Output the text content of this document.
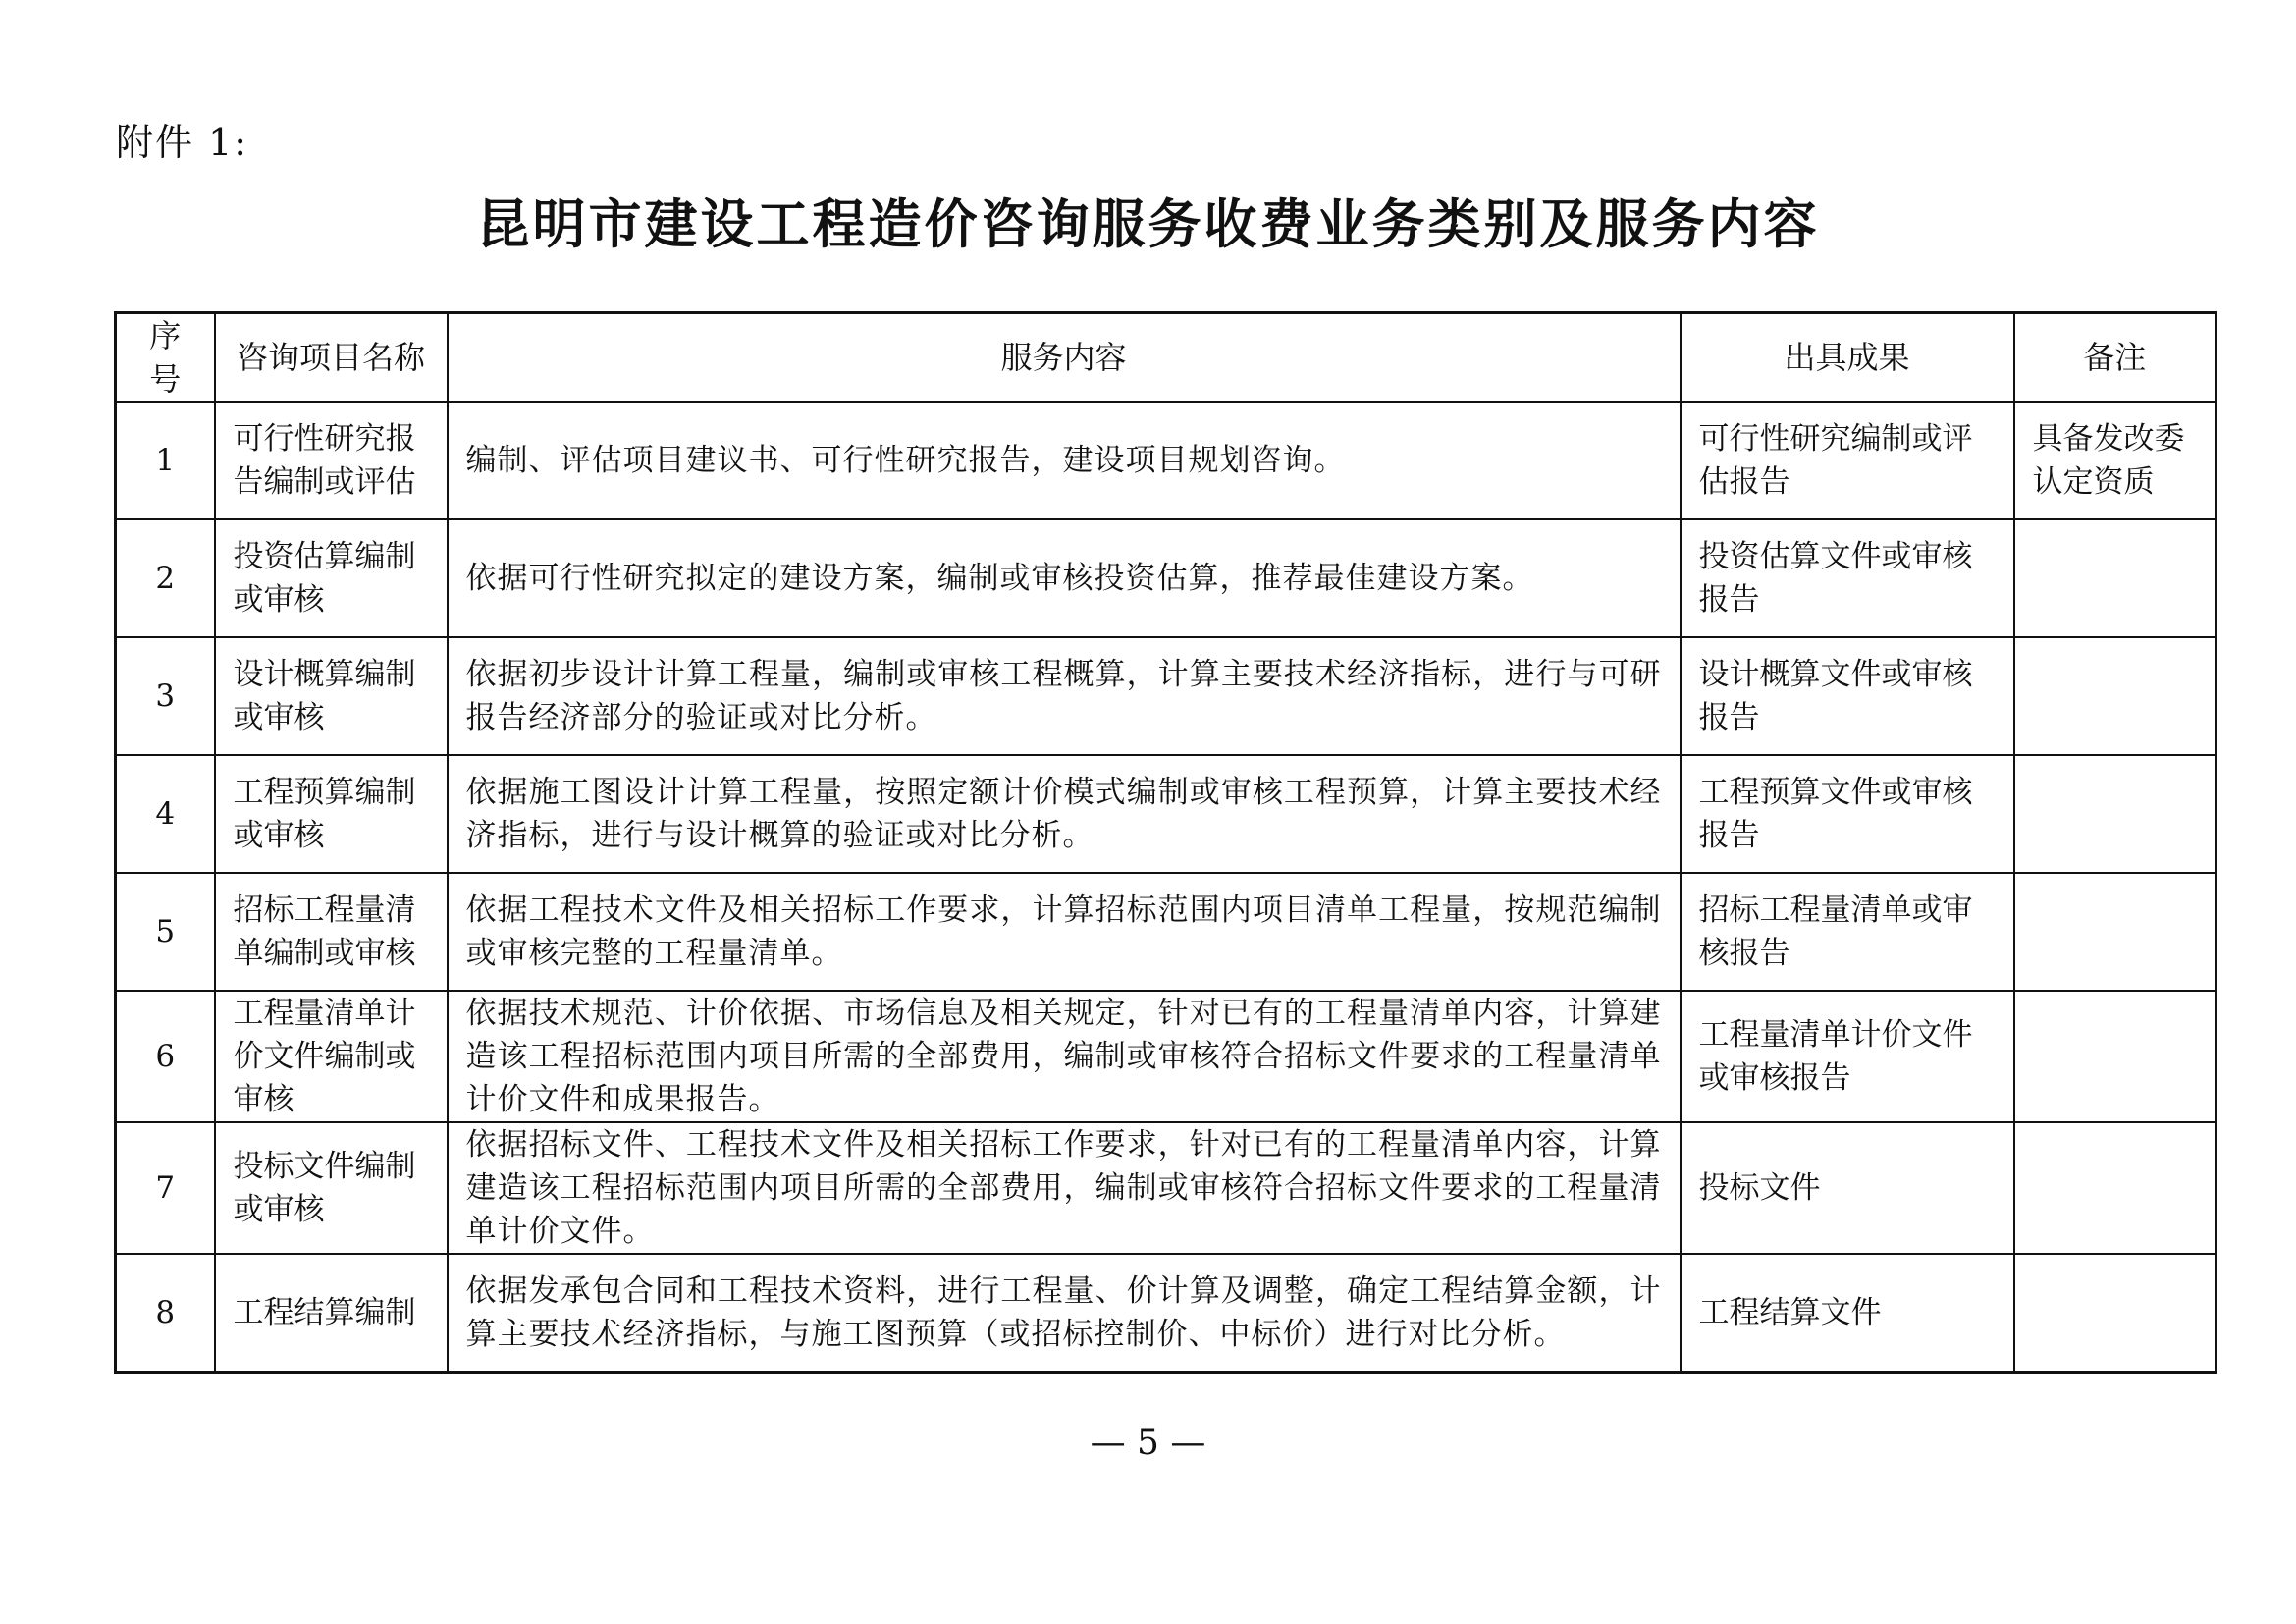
附件 1:
昆明市建设工程造价咨询服务收费业务类别及服务内容
序号	咨询项目名称	服务内容	出具成果	备注
1	可行性研究报告编制或评估	编制、评估项目建议书、可行性研究报告，建设项目规划咨询。	可行性研究编制或评估报告	具备发改委认定资质
2	投资估算编制或审核	依据可行性研究拟定的建设方案，编制或审核投资估算，推荐最佳建设方案。	投资估算文件或审核报告	
3	设计概算编制或审核	依据初步设计计算工程量，编制或审核工程概算，计算主要技术经济指标，进行与可研报告经济部分的验证或对比分析。	设计概算文件或审核报告	
4	工程预算编制或审核	依据施工图设计计算工程量，按照定额计价模式编制或审核工程预算，计算主要技术经济指标，进行与设计概算的验证或对比分析。	工程预算文件或审核报告	
5	招标工程量清单编制或审核	依据工程技术文件及相关招标工作要求，计算招标范围内项目清单工程量，按规范编制或审核完整的工程量清单。	招标工程量清单或审核报告	
6	工程量清单计价文件编制或审核	依据技术规范、计价依据、市场信息及相关规定，针对已有的工程量清单内容，计算建造该工程招标范围内项目所需的全部费用，编制或审核符合招标文件要求的工程量清单计价文件和成果报告。	工程量清单计价文件或审核报告	
7	投标文件编制或审核	依据招标文件、工程技术文件及相关招标工作要求，针对已有的工程量清单内容，计算建造该工程招标范围内项目所需的全部费用，编制或审核符合招标文件要求的工程量清单计价文件。	投标文件	
8	工程结算编制	依据发承包合同和工程技术资料，进行工程量、价计算及调整，确定工程结算金额，计算主要技术经济指标，与施工图预算（或招标控制价、中标价）进行对比分析。	工程结算文件	
— 5 —
